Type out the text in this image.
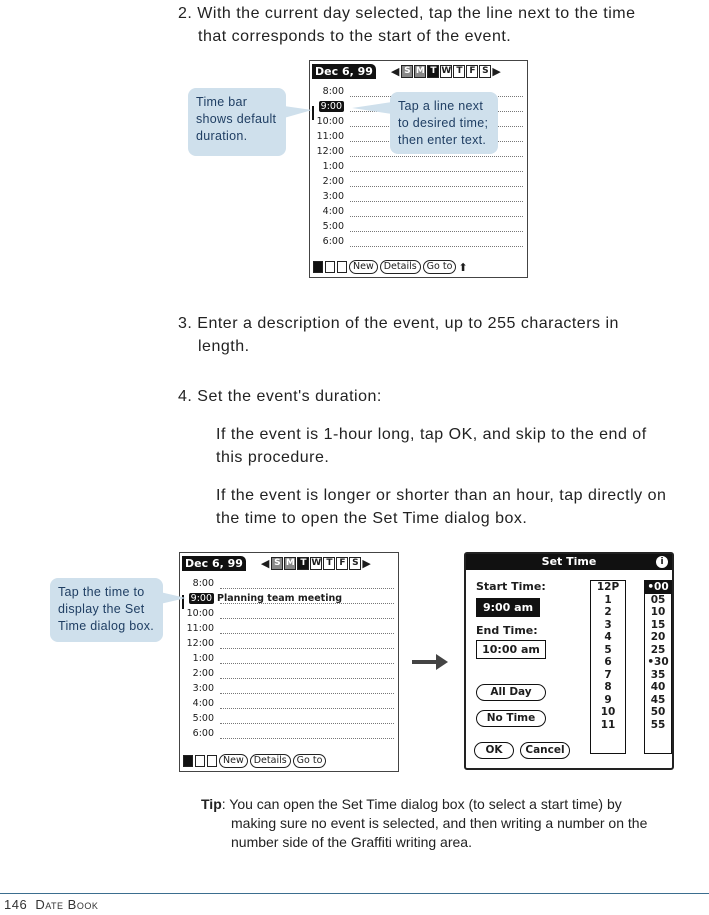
2. With the current day selected, tap the line next to the time
that corresponds to the start of the event.
Dec 6, 99 ◀ S M T W T F S ▶
8:00
9:00
10:00
11:00
12:00
1:00
2:00
3:00
4:00
5:00
6:00
New	Details	Go to ⬆
Time bar
shows default
duration.
Tap a line next
to desired time;
then enter text.
3. Enter a description of the event, up to 255 characters in
length.
4. Set the event's duration:
If the event is 1-hour long, tap OK, and skip to the end of
this procedure.
If the event is longer or shorter than an hour, tap directly on
the time to open the Set Time dialog box.
Dec 6, 99 ◀ S M T W T F S ▶
8:00
9:00 Planning team meeting
10:00
11:00
12:00
1:00
2:00
3:00
4:00
5:00
6:00
New	Details	Go to
Tap the time to
display the Set
Time dialog box.
Set Time	i
Start Time:
9:00 am
End Time:
10:00 am
All Day
No Time
OK	Cancel
12P
1
2
3
4
5
6
7
8
9
10
11
•00
05
10
15
20
25
•30
35
40
45
50
55
Tip: You can open the Set Time dialog box (to select a start time) by
making sure no event is selected, and then writing a number on the
number side of the Graffiti writing area.
146 Date Book
